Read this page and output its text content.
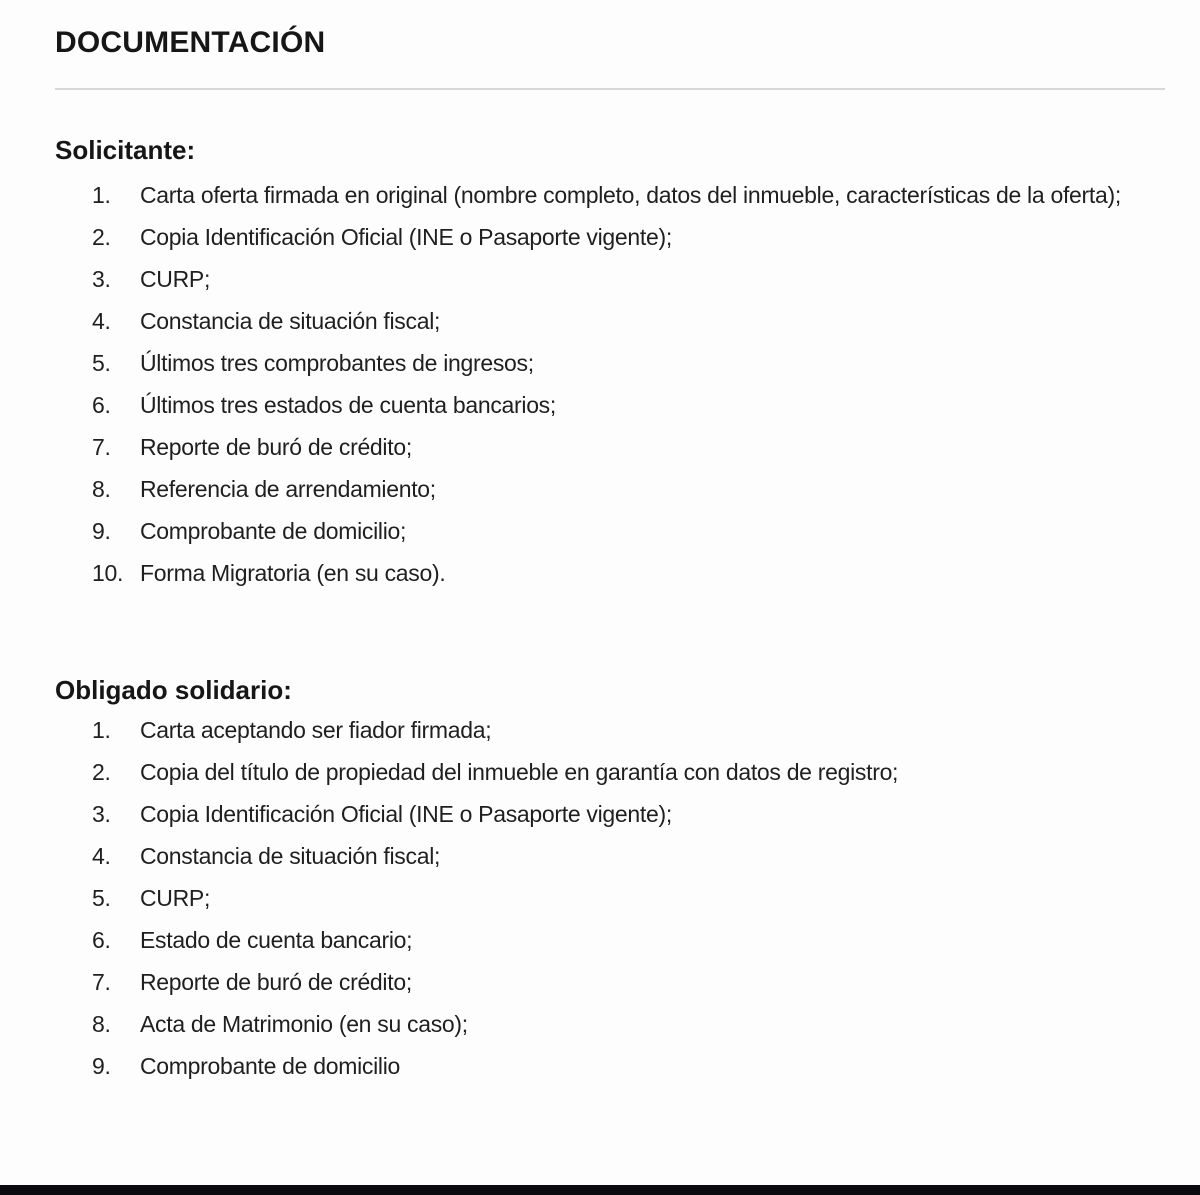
DOCUMENTACIÓN
Solicitante:
1.	Carta oferta firmada en original (nombre completo, datos del inmueble, características de la oferta);
2.	Copia Identificación Oficial (INE o Pasaporte vigente);
3.	CURP;
4.	Constancia de situación fiscal;
5.	Últimos tres comprobantes de ingresos;
6.	Últimos tres estados de cuenta bancarios;
7.	Reporte de buró de crédito;
8.	Referencia de arrendamiento;
9.	Comprobante de domicilio;
10. Forma Migratoria (en su caso).
Obligado solidario:
1.	Carta aceptando ser fiador firmada;
2.	Copia del título de propiedad del inmueble en garantía con datos de registro;
3.	Copia Identificación Oficial (INE o Pasaporte vigente);
4.	Constancia de situación fiscal;
5.	CURP;
6.	Estado de cuenta bancario;
7.	Reporte de buró de crédito;
8.	Acta de Matrimonio (en su caso);
9.	Comprobante de domicilio
